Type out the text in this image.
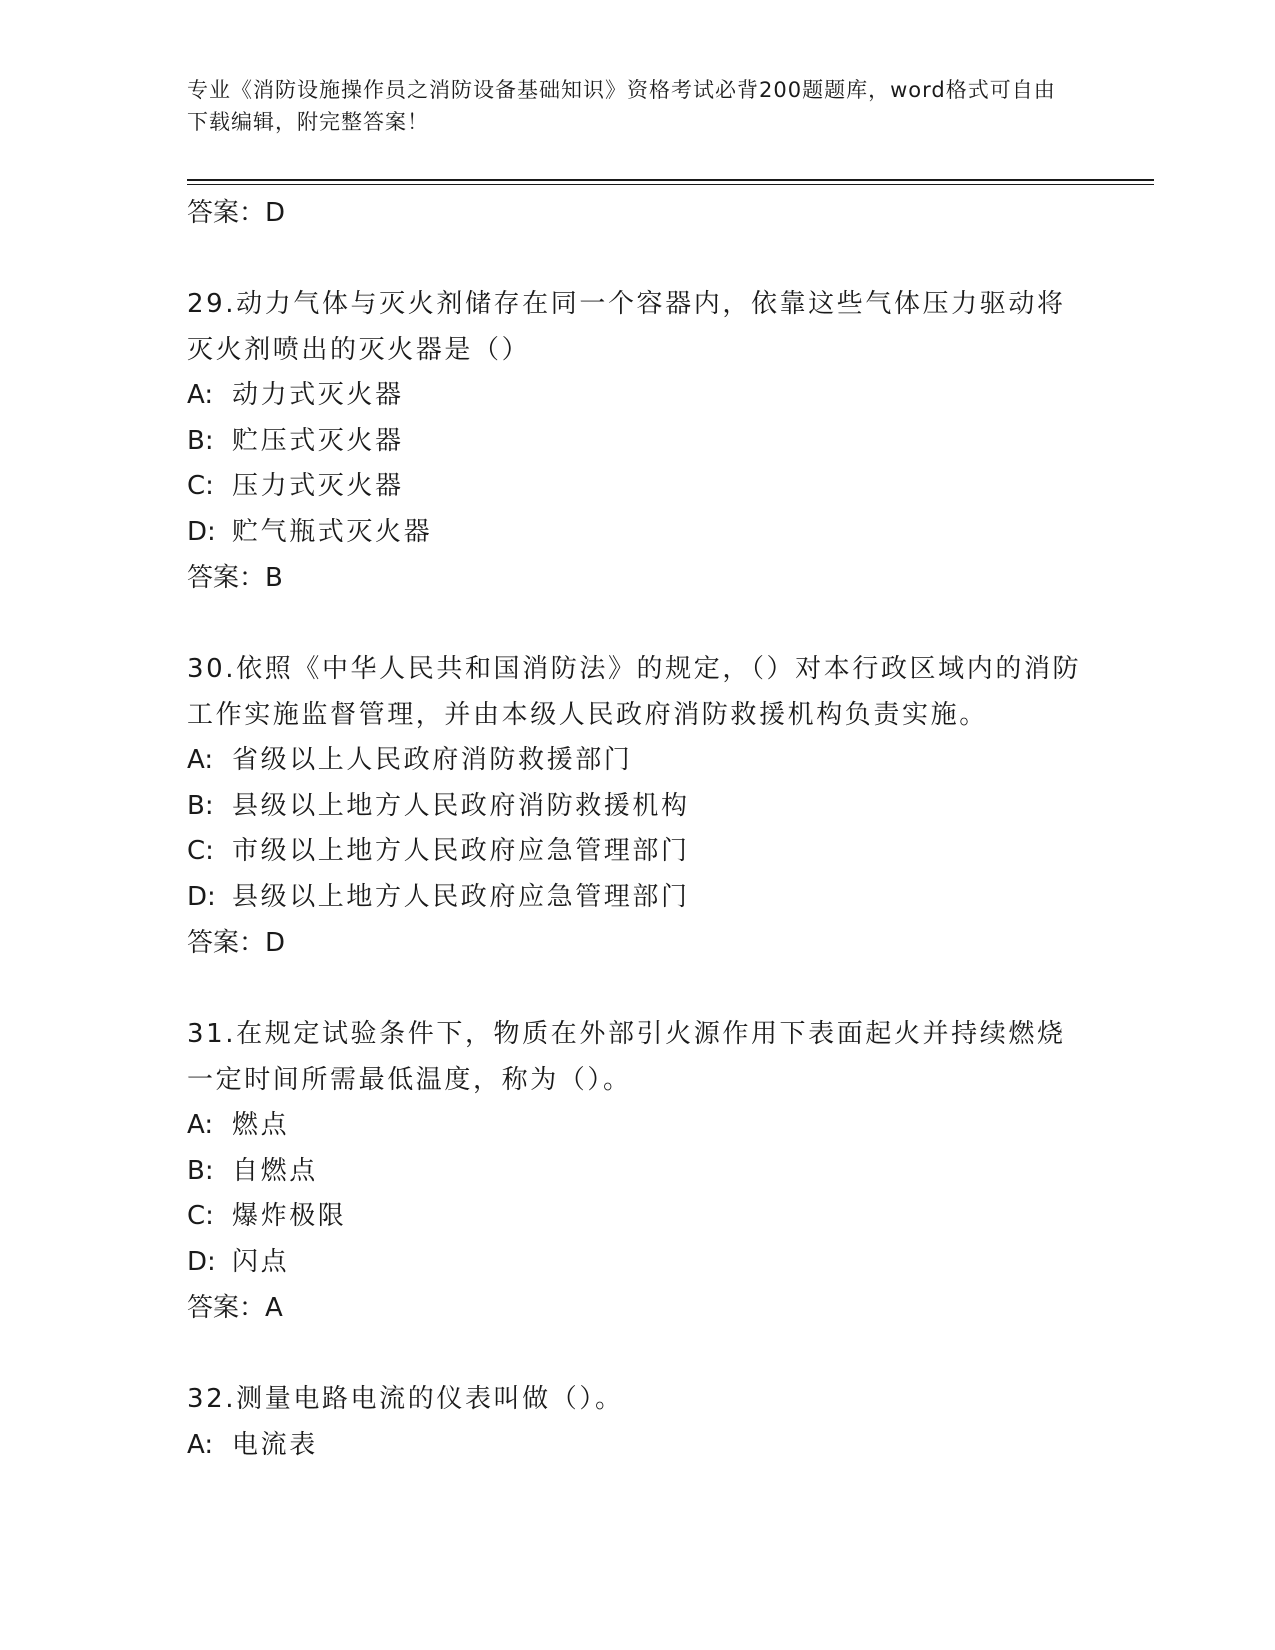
专业《消防设施操作员之消防设备基础知识》资格考试必背200题题库，word格式可自由下载编辑，附完整答案！
答案：D
29.动力气体与灭火剂储存在同一个容器内，依靠这些气体压力驱动将灭火剂喷出的灭火器是（）
A: 动力式灭火器
B: 贮压式灭火器
C: 压力式灭火器
D: 贮气瓶式灭火器
答案：B
30.依照《中华人民共和国消防法》的规定，（）对本行政区域内的消防工作实施监督管理，并由本级人民政府消防救援机构负责实施。
A: 省级以上人民政府消防救援部门
B: 县级以上地方人民政府消防救援机构
C: 市级以上地方人民政府应急管理部门
D: 县级以上地方人民政府应急管理部门
答案：D
31.在规定试验条件下，物质在外部引火源作用下表面起火并持续燃烧一定时间所需最低温度，称为（）。
A: 燃点
B: 自燃点
C: 爆炸极限
D: 闪点
答案：A
32.测量电路电流的仪表叫做（）。
A: 电流表
